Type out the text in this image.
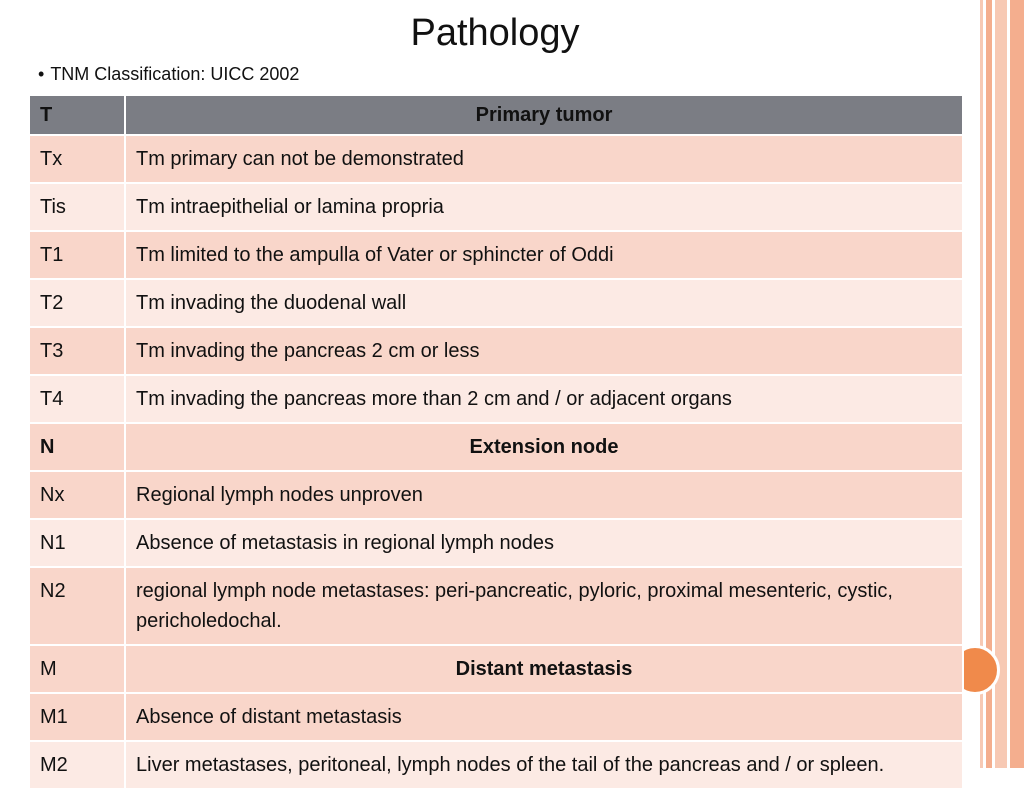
Pathology
• TNM Classification: UICC 2002
T	Primary tumor
Tx	Tm primary can not be demonstrated
Tis	Tm intraepithelial or lamina propria
T1	Tm limited to the ampulla of Vater or sphincter of Oddi
T2	Tm invading the duodenal wall
T3	Tm invading the pancreas 2 cm or less
T4	Tm invading the pancreas more than 2 cm and / or adjacent organs
N	Extension node
Nx	Regional lymph nodes unproven
N1	Absence of metastasis in regional lymph nodes
N2	regional lymph node metastases: peri-pancreatic, pyloric, proximal mesenteric, cystic, pericholedochal.
M	Distant metastasis
M1	Absence of distant metastasis
M2	Liver metastases, peritoneal, lymph nodes of the tail of the pancreas and / or spleen.
